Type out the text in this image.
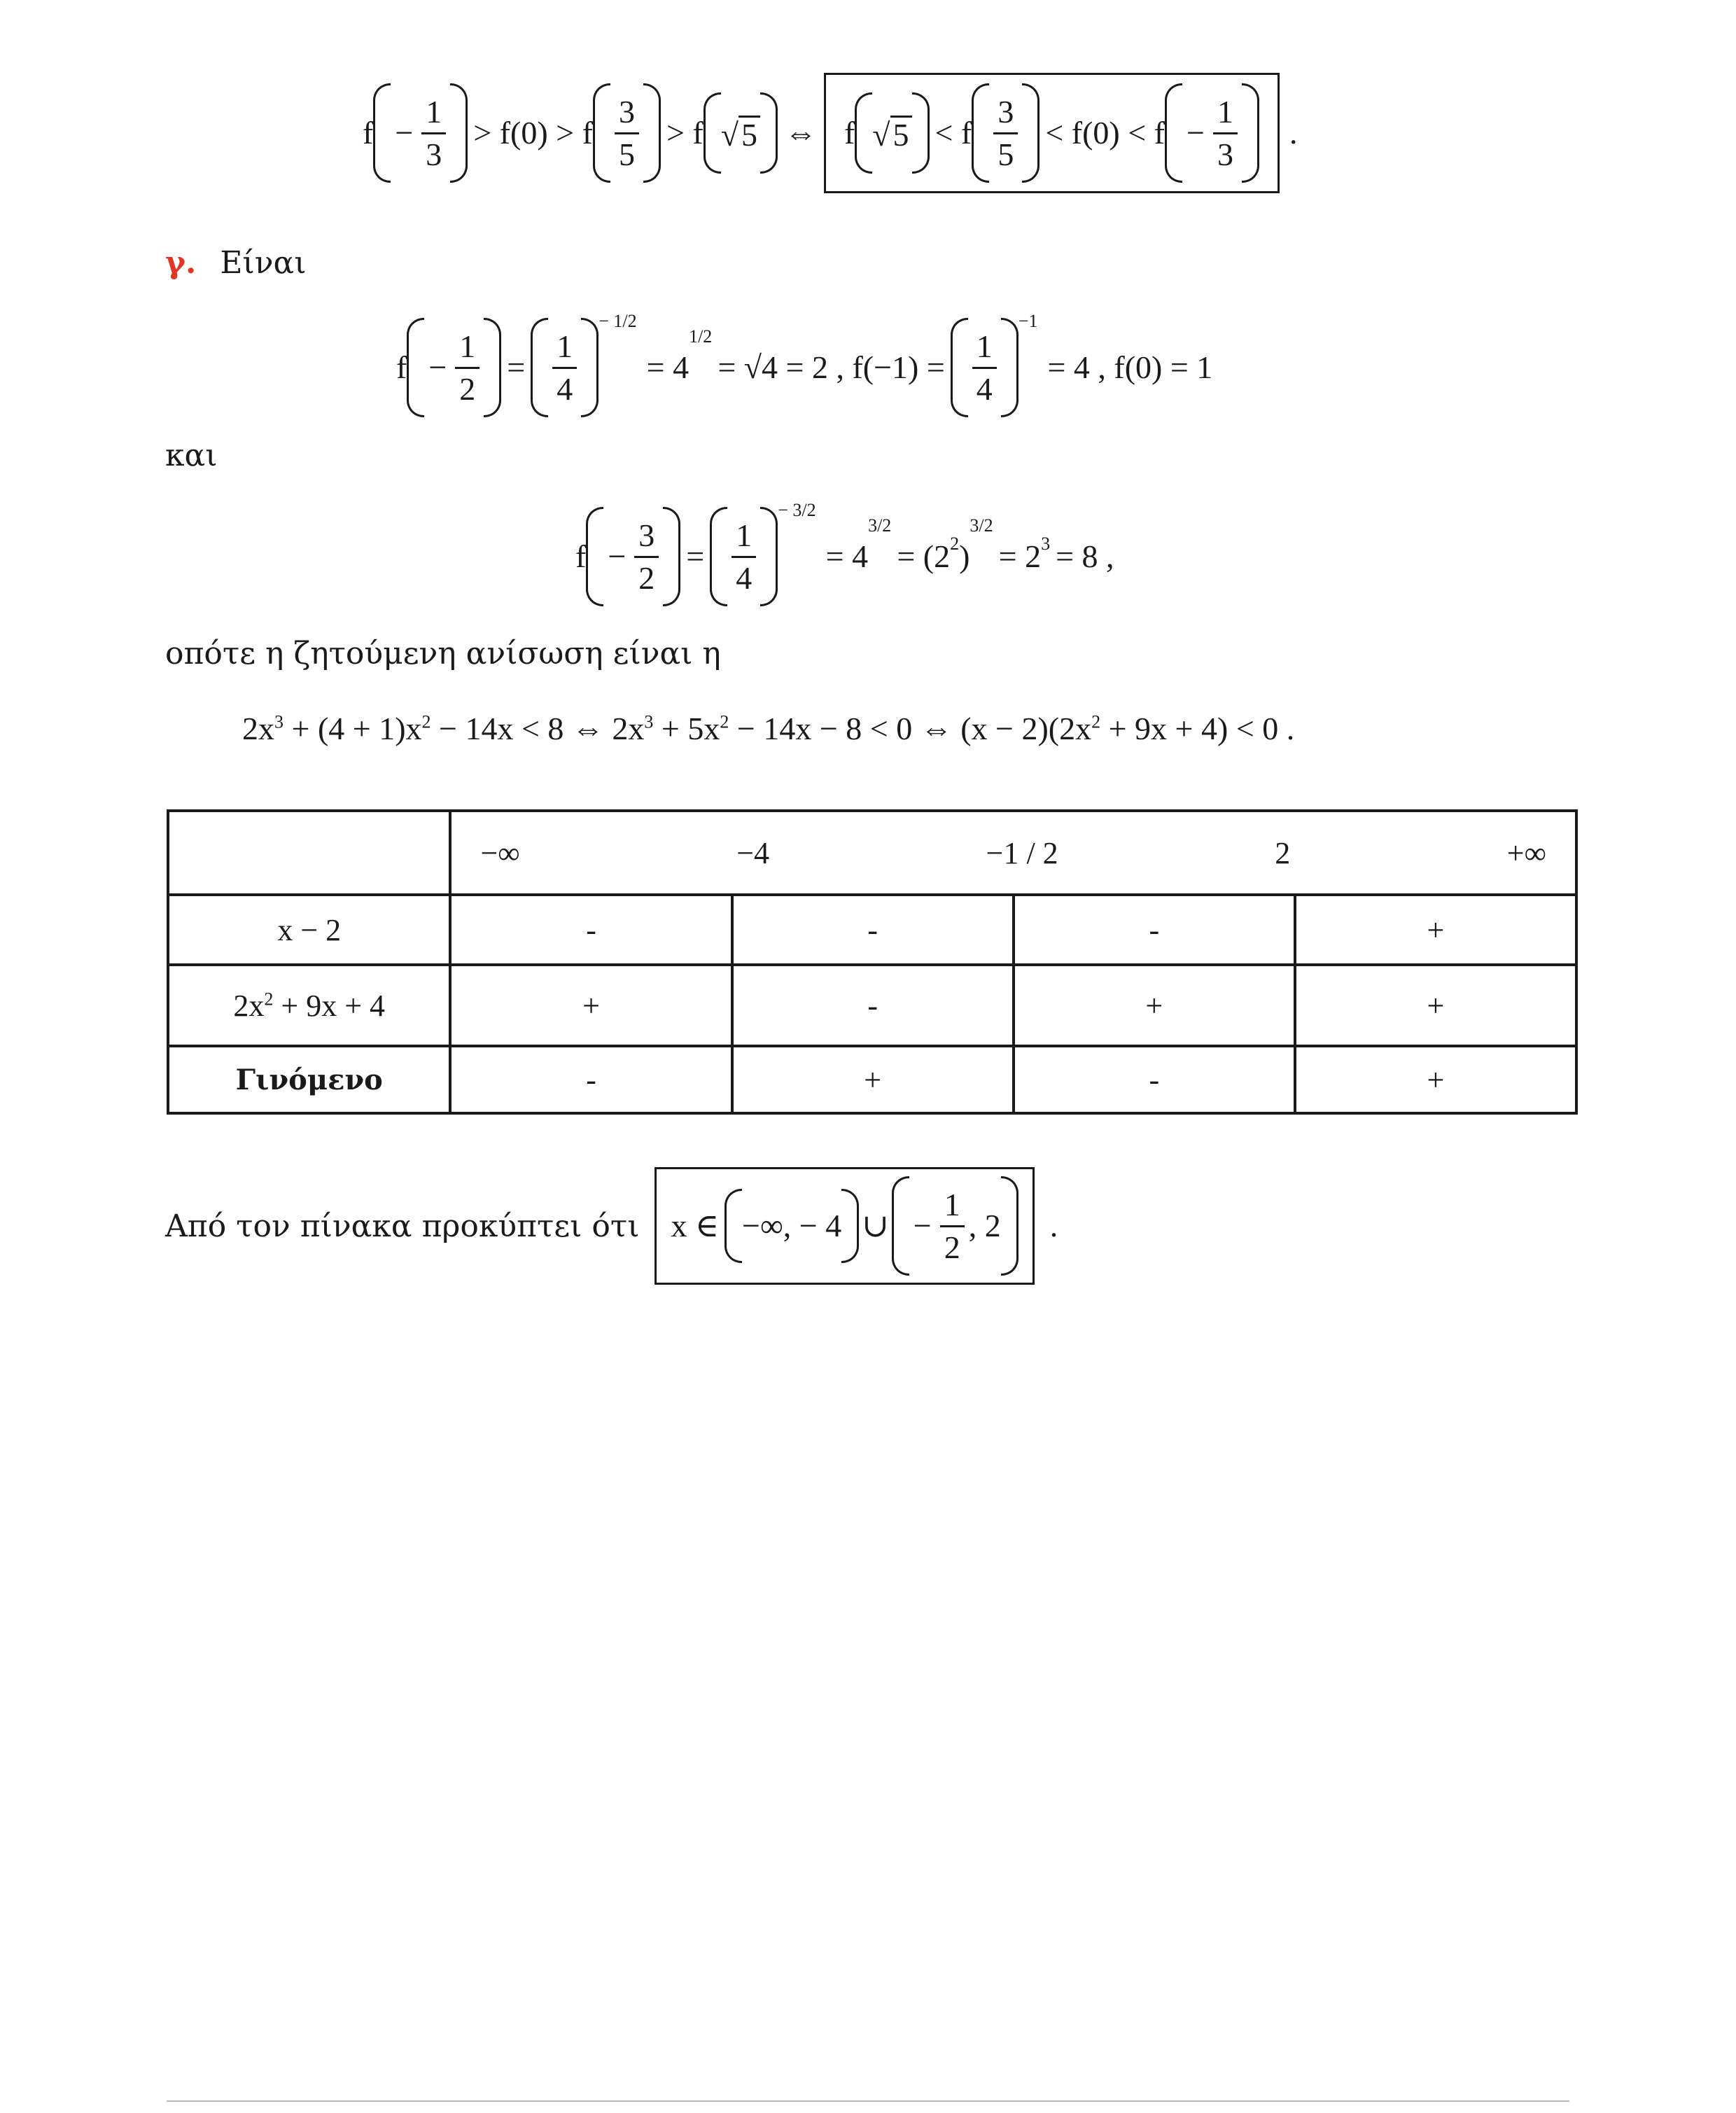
$f - \frac{1}{3} > f(0) > f \frac{3}{5} > f$ √ 5 ⇔ f √ 5 < f $\frac{3}{5} < f(0) < f - \frac{1}{3}$ .
γ. Είναι
$f - \frac{1}{2} = \frac{1}{4}$
$^{- 1/2}$
= 4
1/2
= √4 = 2 , $f(-1) = \frac{1}{4}$
$^{-1}$
= 4 , f(0) = 1
και
$f - \frac{3}{2} = \frac{1}{4}$
$^{- 3/2}$
= 4
3/2
= ($2^2$ )
3/2
= $2^3 = 8$ ,
οπότε η ζητούμενη ανίσωση είναι η
$2x^3 + (4 + 1)x^2 - 14x < 8$ ⇔ $2x^3 + 5x^2 - 14x - 8 < 0$ ⇔ $(x - 2)(2x^2 + 9x + 4) < 0$ .

	−∞ −4 −1 / 2 2 +∞			

x − 2	-	-	-	+
$2x^2 + 9x + 4$	+	-	+	+
Γινόμενο	-	+	-	+
Από τον πίνακα προκύπτει ότι x ∈ −∞, − 4 ∪ − $\frac{1}{2}$ , 2 .
